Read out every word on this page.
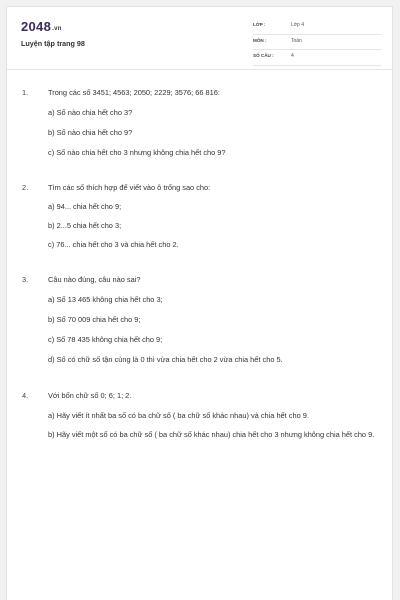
2048.vn
Luyện tập trang 98
LỚP :	Lớp 4
MÔN :	Toán
SỐ CÂU :	4
1.	Trong các số 3451; 4563; 2050; 2229; 3576; 66 816:
a) Số nào chia hết cho 3?
b) Số nào chia hết cho 9?
c) Số nào chia hết cho 3 nhưng không chia hết cho 9?
2.	Tìm các số thích hợp để viết vào ô trống sao cho:
a) 94... chia hết cho 9;
b) 2...5 chia hết cho 3;
c) 76... chia hết cho 3 và chia hết cho 2.
3.	Câu nào đúng, câu nào sai?
a) Số 13 465 không chia hết cho 3;
b) Số 70 009 chia hết cho 9;
c) Số 78 435 không chia hết cho 9;
d) Số có chữ số tận cùng là 0 thì vừa chia hết cho 2 vừa chia hết cho 5.
4.	Với bốn chữ số 0; 6; 1; 2.
a) Hãy viết ít nhất ba số có ba chữ số ( ba chữ số khác nhau) và chia hết cho 9.
b) Hãy viết một số có ba chữ số ( ba chữ số khác nhau) chia hết cho 3 nhưng không chia hết cho 9.
